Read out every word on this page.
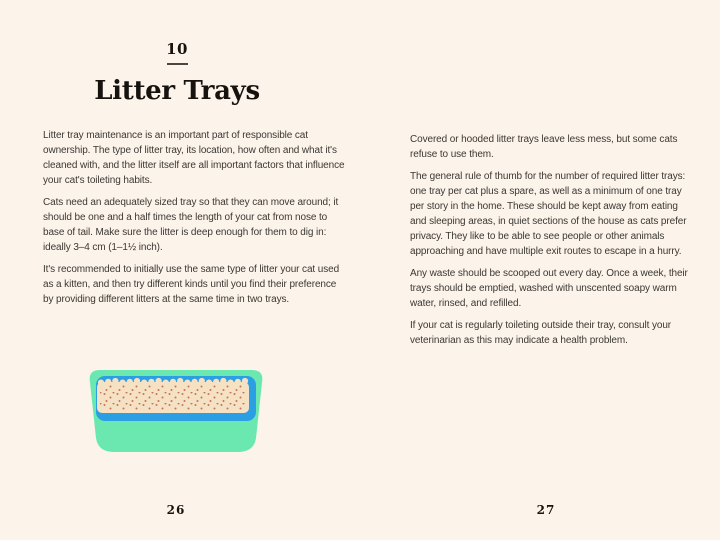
10
Litter Trays

Litter tray maintenance is an important part of responsible cat ownership. The type of litter tray, its location, how often and what it's cleaned with, and the litter itself are all important factors that influence your cat's toileting habits.

Cats need an adequately sized tray so that they can move around; it should be one and a half times the length of your cat from nose to base of tail. Make sure the litter is deep enough for them to dig in: ideally 3–4 cm (1–1½ inch).

It's recommended to initially use the same type of litter your cat used as a kitten, and then try different kinds until you find their preference by providing different litters at the same time in two trays.

Covered or hooded litter trays leave less mess, but some cats refuse to use them.

The general rule of thumb for the number of required litter trays: one tray per cat plus a spare, as well as a minimum of one tray per story in the home. These should be kept away from eating and sleeping areas, in quiet sections of the house as cats prefer privacy. They like to be able to see people or other animals approaching and have multiple exit routes to escape in a hurry.

Any waste should be scooped out every day. Once a week, their trays should be emptied, washed with unscented soapy warm water, rinsed, and refilled.

If your cat is regularly toileting outside their tray, consult your veterinarian as this may indicate a health problem.

26	27
